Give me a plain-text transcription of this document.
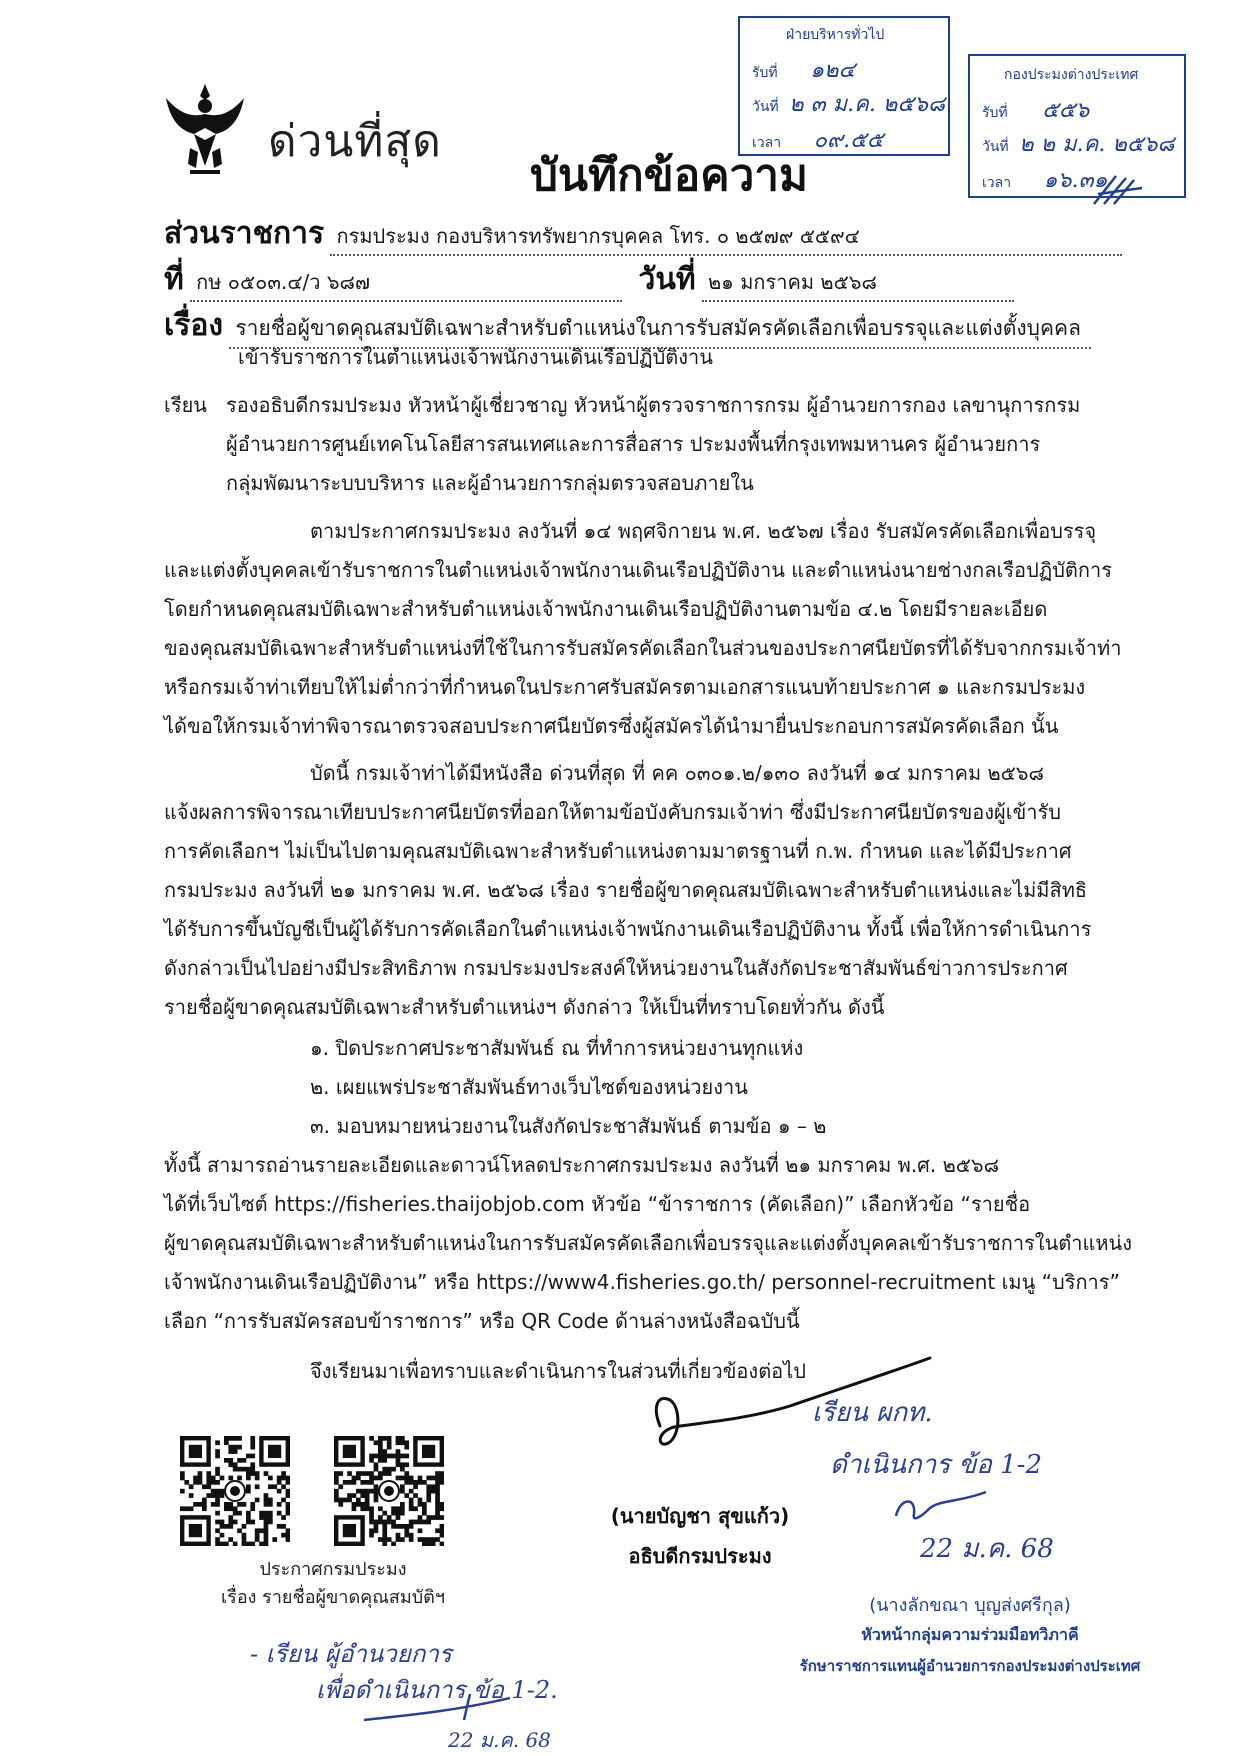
ด่วนที่สุด
บันทึกข้อความ
ฝ่ายบริหารทั่วไป
รับที่ ๑๒๔
วันที่ ๒ ๓ ม.ค. ๒๕๖๘
เวลา ๐๙.๕๕
กองประมงต่างประเทศ
รับที่ ๕๕๖
วันที่ ๒ ๒ ม.ค. ๒๕๖๘
เวลา ๑๖.๓๑
ส่วนราชการ กรมประมง กองบริหารทรัพยากรบุคคล โทร. ๐ ๒๕๗๙ ๕๕๙๔
ที่ กษ ๐๕๐๓.๔/ว ๖๘๗	วันที่ ๒๑ มกราคม ๒๕๖๘
เรื่อง รายชื่อผู้ขาดคุณสมบัติเฉพาะสำหรับตำแหน่งในการรับสมัครคัดเลือกเพื่อบรรจุและแต่งตั้งบุคคล
เข้ารับราชการในตำแหน่งเจ้าพนักงานเดินเรือปฏิบัติงาน
เรียน รองอธิบดีกรมประมง หัวหน้าผู้เชี่ยวชาญ หัวหน้าผู้ตรวจราชการกรม ผู้อำนวยการกอง เลขานุการกรม
ผู้อำนวยการศูนย์เทคโนโลยีสารสนเทศและการสื่อสาร ประมงพื้นที่กรุงเทพมหานคร ผู้อำนวยการ
กลุ่มพัฒนาระบบบริหาร และผู้อำนวยการกลุ่มตรวจสอบภายใน
ตามประกาศกรมประมง ลงวันที่ ๑๔ พฤศจิกายน พ.ศ. ๒๕๖๗ เรื่อง รับสมัครคัดเลือกเพื่อบรรจุ
และแต่งตั้งบุคคลเข้ารับราชการในตำแหน่งเจ้าพนักงานเดินเรือปฏิบัติงาน และตำแหน่งนายช่างกลเรือปฏิบัติการ
โดยกำหนดคุณสมบัติเฉพาะสำหรับตำแหน่งเจ้าพนักงานเดินเรือปฏิบัติงานตามข้อ ๔.๒ โดยมีรายละเอียด
ของคุณสมบัติเฉพาะสำหรับตำแหน่งที่ใช้ในการรับสมัครคัดเลือกในส่วนของประกาศนียบัตรที่ได้รับจากกรมเจ้าท่า
หรือกรมเจ้าท่าเทียบให้ไม่ต่ำกว่าที่กำหนดในประกาศรับสมัครตามเอกสารแนบท้ายประกาศ ๑ และกรมประมง
ได้ขอให้กรมเจ้าท่าพิจารณาตรวจสอบประกาศนียบัตรซึ่งผู้สมัครได้นำมายื่นประกอบการสมัครคัดเลือก นั้น
บัดนี้ กรมเจ้าท่าได้มีหนังสือ ด่วนที่สุด ที่ คค ๐๓๐๑.๒/๑๓๐ ลงวันที่ ๑๔ มกราคม ๒๕๖๘
แจ้งผลการพิจารณาเทียบประกาศนียบัตรที่ออกให้ตามข้อบังคับกรมเจ้าท่า ซึ่งมีประกาศนียบัตรของผู้เข้ารับ
การคัดเลือกฯ ไม่เป็นไปตามคุณสมบัติเฉพาะสำหรับตำแหน่งตามมาตรฐานที่ ก.พ. กำหนด และได้มีประกาศ
กรมประมง ลงวันที่ ๒๑ มกราคม พ.ศ. ๒๕๖๘ เรื่อง รายชื่อผู้ขาดคุณสมบัติเฉพาะสำหรับตำแหน่งและไม่มีสิทธิ
ได้รับการขึ้นบัญชีเป็นผู้ได้รับการคัดเลือกในตำแหน่งเจ้าพนักงานเดินเรือปฏิบัติงาน ทั้งนี้ เพื่อให้การดำเนินการ
ดังกล่าวเป็นไปอย่างมีประสิทธิภาพ กรมประมงประสงค์ให้หน่วยงานในสังกัดประชาสัมพันธ์ข่าวการประกาศ
รายชื่อผู้ขาดคุณสมบัติเฉพาะสำหรับตำแหน่งฯ ดังกล่าว ให้เป็นที่ทราบโดยทั่วกัน ดังนี้
๑. ปิดประกาศประชาสัมพันธ์ ณ ที่ทำการหน่วยงานทุกแห่ง
๒. เผยแพร่ประชาสัมพันธ์ทางเว็บไซต์ของหน่วยงาน
๓. มอบหมายหน่วยงานในสังกัดประชาสัมพันธ์ ตามข้อ ๑ – ๒
ทั้งนี้ สามารถอ่านรายละเอียดและดาวน์โหลดประกาศกรมประมง ลงวันที่ ๒๑ มกราคม พ.ศ. ๒๕๖๘
ได้ที่เว็บไซต์ https://fisheries.thaijobjob.com หัวข้อ “ข้าราชการ (คัดเลือก)” เลือกหัวข้อ “รายชื่อ
ผู้ขาดคุณสมบัติเฉพาะสำหรับตำแหน่งในการรับสมัครคัดเลือกเพื่อบรรจุและแต่งตั้งบุคคลเข้ารับราชการในตำแหน่ง
เจ้าพนักงานเดินเรือปฏิบัติงาน” หรือ https://www4.fisheries.go.th/ personnel-recruitment เมนู “บริการ”
เลือก “การรับสมัครสอบข้าราชการ” หรือ QR Code ด้านล่างหนังสือฉบับนี้
จึงเรียนมาเพื่อทราบและดำเนินการในส่วนที่เกี่ยวข้องต่อไป
(นายบัญชา สุขแก้ว)
อธิบดีกรมประมง
ประกาศกรมประมง
เรื่อง รายชื่อผู้ขาดคุณสมบัติฯ
เรียน ผกท.
ดำเนินการ ข้อ 1-2
22 ม.ค. 68
(นางลักขณา บุญส่งศรีกุล)
หัวหน้ากลุ่มความร่วมมือทวิภาคี
รักษาราชการแทนผู้อำนวยการกองประมงต่างประเทศ
- เรียน ผู้อำนวยการ
เพื่อดำเนินการ ข้อ 1-2.
22 ม.ค. 68
